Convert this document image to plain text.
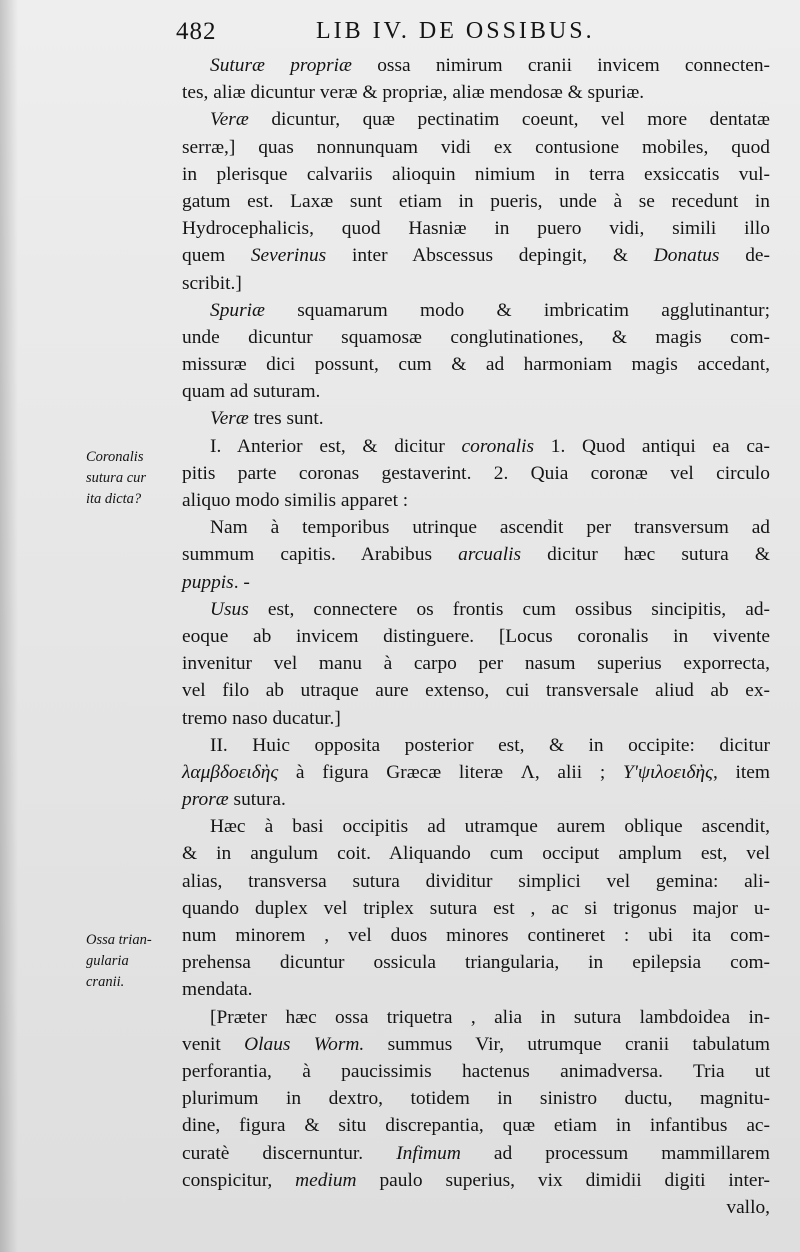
482	LIB IV. DE OSSIBUS.
Coronalis
sutura cur
ita dicta?
Ossa trian-
gularia
cranii.
Suturæ propriæ ossa nimirum cranii invicem connecten-
tes, aliæ dicuntur veræ & propriæ, aliæ mendosæ & spuriæ.
Veræ dicuntur, quæ pectinatim coeunt, vel more dentatæ
serræ,] quas nonnunquam vidi ex contusione mobiles, quod
in plerisque calvariis alioquin nimium in terra exsiccatis vul-
gatum est. Laxæ sunt etiam in pueris, unde à se recedunt in
Hydrocephalicis, quod Hasniæ in puero vidi, simili illo
quem Severinus inter Abscessus depingit, & Donatus de-
scribit.]
Spuriæ squamarum modo & imbricatim agglutinantur;
unde dicuntur squamosæ conglutinationes, & magis com-
missuræ dici possunt, cum & ad harmoniam magis accedant,
quam ad suturam.
Veræ tres sunt.
I. Anterior est, & dicitur coronalis 1. Quod antiqui ea ca-
pitis parte coronas gestaverint. 2. Quia coronæ vel circulo
aliquo modo similis apparet :
Nam à temporibus utrinque ascendit per transversum ad
summum capitis. Arabibus arcualis dicitur hæc sutura &
puppis. -
Usus est, connectere os frontis cum ossibus sincipitis, ad-
eoque ab invicem distinguere. [Locus coronalis in vivente
invenitur vel manu à carpo per nasum superius exporrecta,
vel filo ab utraque aure extenso, cui transversale aliud ab ex-
tremo naso ducatur.]
II. Huic opposita posterior est, & in occipite: dicitur
λαμβδοειδὴς à figura Græcæ literæ Λ, alii ; Υ'ψιλοειδὴς, item
proræ sutura.
Hæc à basi occipitis ad utramque aurem oblique ascendit,
& in angulum coit. Aliquando cum occiput amplum est, vel
alias, transversa sutura dividitur simplici vel gemina: ali-
quando duplex vel triplex sutura est , ac si trigonus major u-
num minorem , vel duos minores contineret : ubi ita com-
prehensa dicuntur ossicula triangularia, in epilepsia com-
mendata.
[Præter hæc ossa triquetra , alia in sutura lambdoidea in-
venit Olaus Worm. summus Vir, utrumque cranii tabulatum
perforantia, à paucissimis hactenus animadversa. Tria ut
plurimum in dextro, totidem in sinistro ductu, magnitu-
dine, figura & situ discrepantia, quæ etiam in infantibus ac-
curatè discernuntur. Infimum ad processum mammillarem
conspicitur, medium paulo superius, vix dimidii digiti inter-
vallo,
